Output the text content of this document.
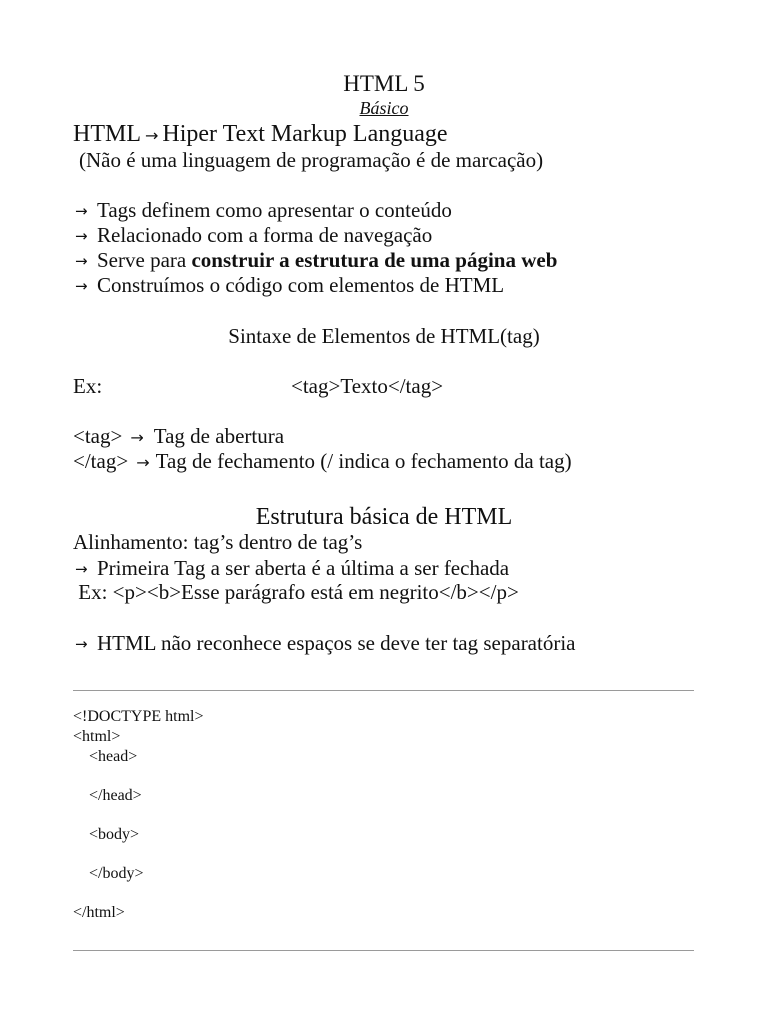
HTML 5
Básico
HTML → Hiper Text Markup Language
(Não é uma linguagem de programação é de marcação)
→ Tags definem como apresentar o conteúdo
→ Relacionado com a forma de navegação
→ Serve para construir a estrutura de uma página web
→ Construímos o código com elementos de HTML
Sintaxe de Elementos de HTML(tag)
Ex:	<tag>Texto</tag>
<tag> → Tag de abertura
</tag> → Tag de fechamento (/ indica o fechamento da tag)
Estrutura básica de HTML
Alinhamento: tag’s dentro de tag’s
→ Primeira Tag a ser aberta é a última a ser fechada
Ex: <p><b>Esse parágrafo está em negrito</b></p>
→ HTML não reconhece espaços se deve ter tag separatória
<!DOCTYPE html>
<html>
<head>
</head>
<body>
</body>
</html>
